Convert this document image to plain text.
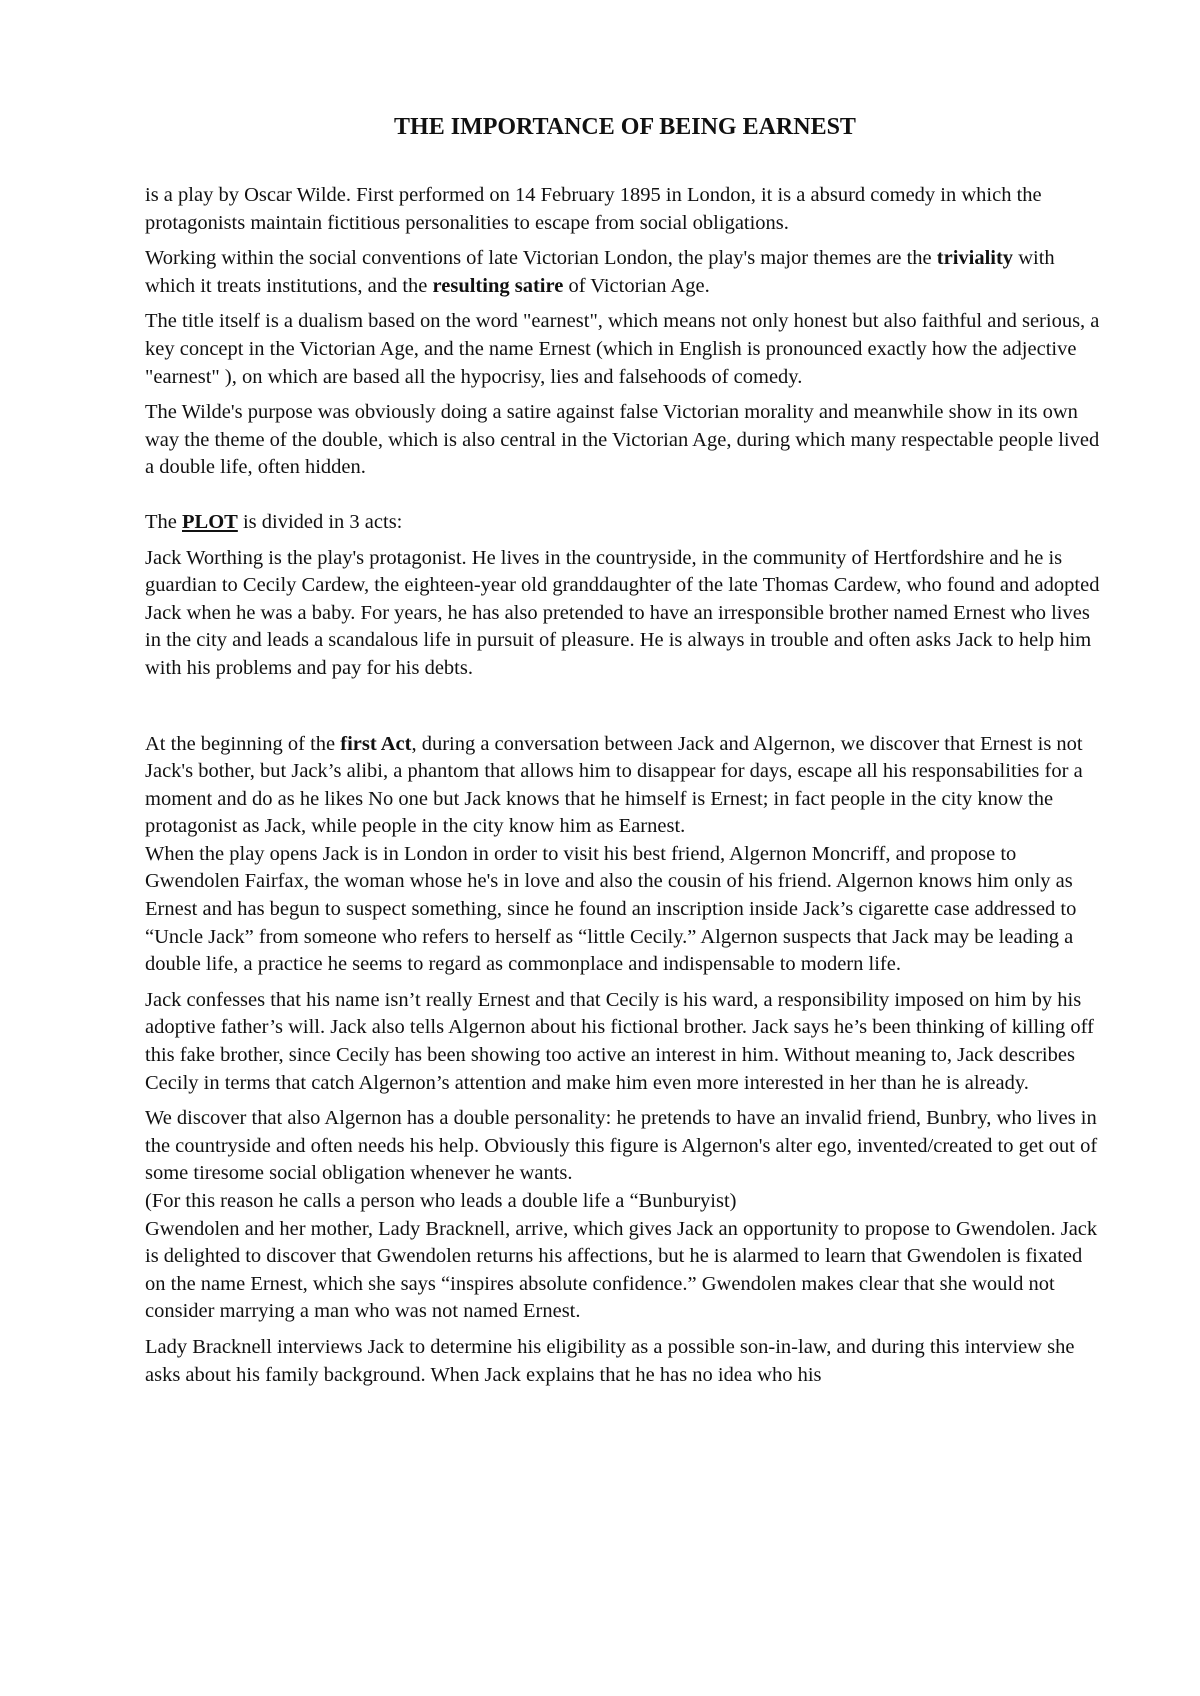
THE IMPORTANCE OF BEING EARNEST

is a play by Oscar Wilde. First performed on 14 February 1895 in London, it is a absurd comedy in which the protagonists maintain fictitious personalities to escape from social obligations.

Working within the social conventions of late Victorian London, the play's major themes are the triviality with which it treats institutions, and the resulting satire of Victorian Age.

The title itself is a dualism based on the word "earnest", which means not only honest but also faithful and serious, a key concept in the Victorian Age, and the name Ernest (which in English is pronounced exactly how the adjective "earnest" ), on which are based all the hypocrisy, lies and falsehoods of comedy.

The Wilde's purpose was obviously doing a satire against false Victorian morality and meanwhile show in its own way the theme of the double, which is also central in the Victorian Age, during which many respectable people lived a double life, often hidden.

The PLOT is divided in 3 acts:

Jack Worthing is the play's protagonist. He lives in the countryside, in the community of Hertfordshire and he is guardian to Cecily Cardew, the eighteen-year old granddaughter of the late Thomas Cardew, who found and adopted Jack when he was a baby. For years, he has also pretended to have an irresponsible brother named Ernest who lives in the city and leads a scandalous life in pursuit of pleasure. He is always in trouble and often asks Jack to help him with his problems and pay for his debts.

At the beginning of the first Act, during a conversation between Jack and Algernon, we discover that Ernest is not Jack's bother, but Jack’s alibi, a phantom that allows him to disappear for days, escape all his responsabilities for a moment and do as he likes No one but Jack knows that he himself is Ernest; in fact people in the city know the protagonist as Jack, while people in the city know him as Earnest.

When the play opens Jack is in London in order to visit his best friend, Algernon Moncriff, and propose to Gwendolen Fairfax, the woman whose he's in love and also the cousin of his friend. Algernon knows him only as Ernest and has begun to suspect something, since he found an inscription inside Jack’s cigarette case addressed to “Uncle Jack” from someone who refers to herself as “little Cecily.” Algernon suspects that Jack may be leading a double life, a practice he seems to regard as commonplace and indispensable to modern life.

Jack confesses that his name isn’t really Ernest and that Cecily is his ward, a responsibility imposed on him by his adoptive father’s will. Jack also tells Algernon about his fictional brother. Jack says he’s been thinking of killing off this fake brother, since Cecily has been showing too active an interest in him. Without meaning to, Jack describes Cecily in terms that catch Algernon’s attention and make him even more interested in her than he is already.

We discover that also Algernon has a double personality: he pretends to have an invalid friend, Bunbry, who lives in the countryside and often needs his help. Obviously this figure is Algernon's alter ego, invented/created to get out of some tiresome social obligation whenever he wants.

(For this reason he calls a person who leads a double life a “Bunburyist)

Gwendolen and her mother, Lady Bracknell, arrive, which gives Jack an opportunity to propose to Gwendolen. Jack is delighted to discover that Gwendolen returns his affections, but he is alarmed to learn that Gwendolen is fixated on the name Ernest, which she says “inspires absolute confidence.” Gwendolen makes clear that she would not consider marrying a man who was not named Ernest.

Lady Bracknell interviews Jack to determine his eligibility as a possible son-in-law, and during this interview she asks about his family background. When Jack explains that he has no idea who his
